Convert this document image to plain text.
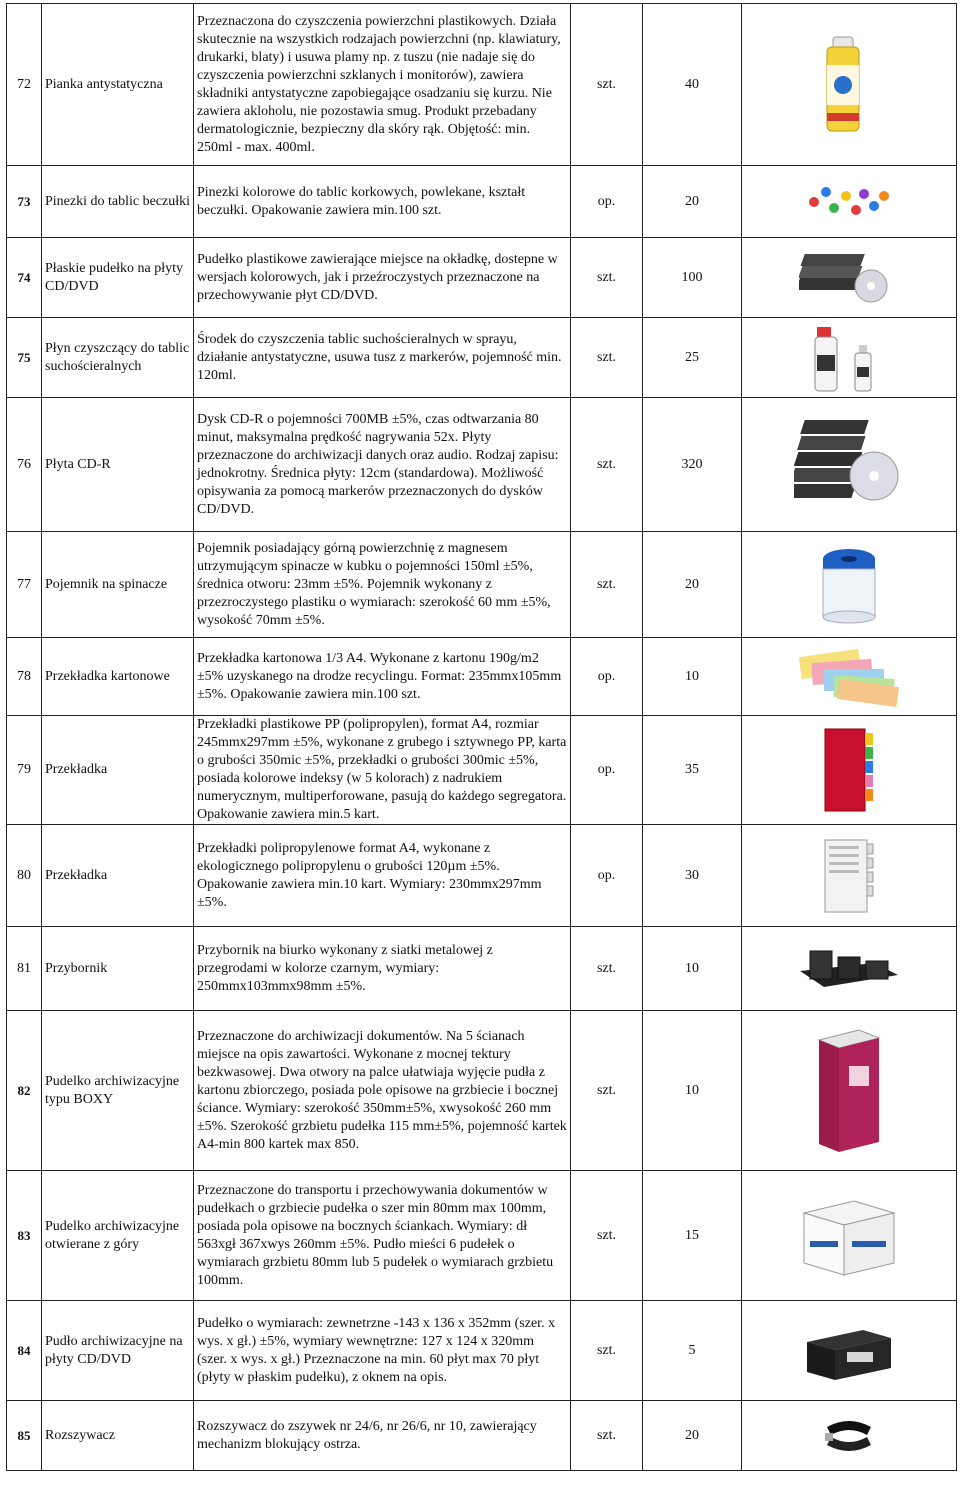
72	Pianka antystatyczna	Przeznaczona do czyszczenia powierzchni plastikowych. Działa skutecznie na wszystkich rodzajach powierzchni (np. klawiatury, drukarki, blaty) i usuwa plamy np. z tuszu (nie nadaje się do czyszczenia powierzchni szklanych i monitorów), zawiera składniki antystatyczne zapobiegające osadzaniu się kurzu. Nie zawiera akloholu, nie pozostawia smug. Produkt przebadany dermatologicznie, bezpieczny dla skóry rąk. Objętość: min. 250ml - max. 400ml.	szt.	40	

73	Pinezki do tablic beczułki	Pinezki kolorowe do tablic korkowych, powlekane, kształt beczułki. Opakowanie zawiera min.100 szt.	op.	20	

74	Płaskie pudełko na płyty CD/DVD	Pudełko plastikowe zawierające miejsce na okładkę, dostepne w wersjach kolorowych, jak i przeźroczystych przeznaczone na przechowywanie płyt CD/DVD.	szt.	100	

75	Płyn czyszczący do tablic suchościeralnych	Środek do czyszczenia tablic suchościeralnych w sprayu, działanie antystatyczne, usuwa tusz z markerów, pojemność min. 120ml.	szt.	25	

76	Płyta CD-R	Dysk CD-R o pojemności 700MB ±5%, czas odtwarzania 80 minut, maksymalna prędkość nagrywania 52x. Płyty przeznaczone do archiwizacji danych oraz audio. Rodzaj zapisu: jednokrotny. Średnica płyty: 12cm (standardowa). Możliwość opisywania za pomocą markerów przeznaczonych do dysków CD/DVD.	szt.	320	

77	Pojemnik na spinacze	Pojemnik posiadający górną powierzchnię z magnesem utrzymującym spinacze w kubku o pojemności 150ml ±5%, średnica otworu: 23mm ±5%. Pojemnik wykonany z przezroczystego plastiku o wymiarach: szerokość 60 mm ±5%, wysokość 70mm ±5%.	szt.	20	

78	Przekładka kartonowe	Przekładka kartonowa 1/3 A4. Wykonane z kartonu 190g/m2 ±5% uzyskanego na drodze recyclingu. Format: 235mmx105mm ±5%. Opakowanie zawiera min.100 szt.	op.	10	

79	Przekładka	Przekładki plastikowe PP (polipropylen), format A4, rozmiar 245mmx297mm ±5%, wykonane z grubego i sztywnego PP, karta o grubości 350mic ±5%, przekładki o grubości 300mic ±5%, posiada kolorowe indeksy (w 5 kolorach) z nadrukiem numerycznym, multiperforowane, pasują do każdego segregatora. Opakowanie zawiera min.5 kart.	op.	35	

80	Przekładka	Przekładki polipropylenowe format A4, wykonane z ekologicznego polipropylenu o grubości 120µm ±5%. Opakowanie zawiera min.10 kart. Wymiary: 230mmx297mm ±5%.	op.	30	

81	Przybornik	Przybornik na biurko wykonany z siatki metalowej z przegrodami w kolorze czarnym, wymiary: 250mmx103mmx98mm ±5%.	szt.	10	

82	Pudelko archiwizacyjne typu BOXY	Przeznaczone do archiwizacji dokumentów. Na 5 ścianach miejsce na opis zawartości. Wykonane z mocnej tektury bezkwasowej. Dwa otwory na palce ułatwiaja wyjęcie pudła z kartonu zbiorczego, posiada pole opisowe na grzbiecie i bocznej ściance. Wymiary: szerokość 350mm±5%, xwysokość 260 mm ±5%. Szerokość grzbietu pudełka 115 mm±5%, pojemność kartek A4-min 800 kartek max 850.	szt.	10	

83	Pudelko archiwizacyjne otwierane z góry	Przeznaczone do transportu i przechowywania dokumentów w pudełkach o grzbiecie pudełka o szer min 80mm max 100mm, posiada pola opisowe na bocznych ściankach. Wymiary: dł 563xgł 367xwys 260mm ±5%. Pudło mieści 6 pudełek o wymiarach grzbietu 80mm lub 5 pudełek o wymiarach grzbietu 100mm.	szt.	15	

84	Pudło archiwizacyjne na płyty CD/DVD	Pudełko o wymiarach: zewnetrzne -143 x 136 x 352mm (szer. x wys. x gł.) ±5%, wymiary wewnętrzne: 127 x 124 x 320mm (szer. x wys. x gł.) Przeznaczone na min. 60 płyt max 70 płyt (płyty w płaskim pudełku), z oknem na opis.	szt.	5	

85	Rozszywacz	Rozszywacz do zszywek nr 24/6, nr 26/6, nr 10, zawierający mechanizm blokujący ostrza.	szt.	20	
